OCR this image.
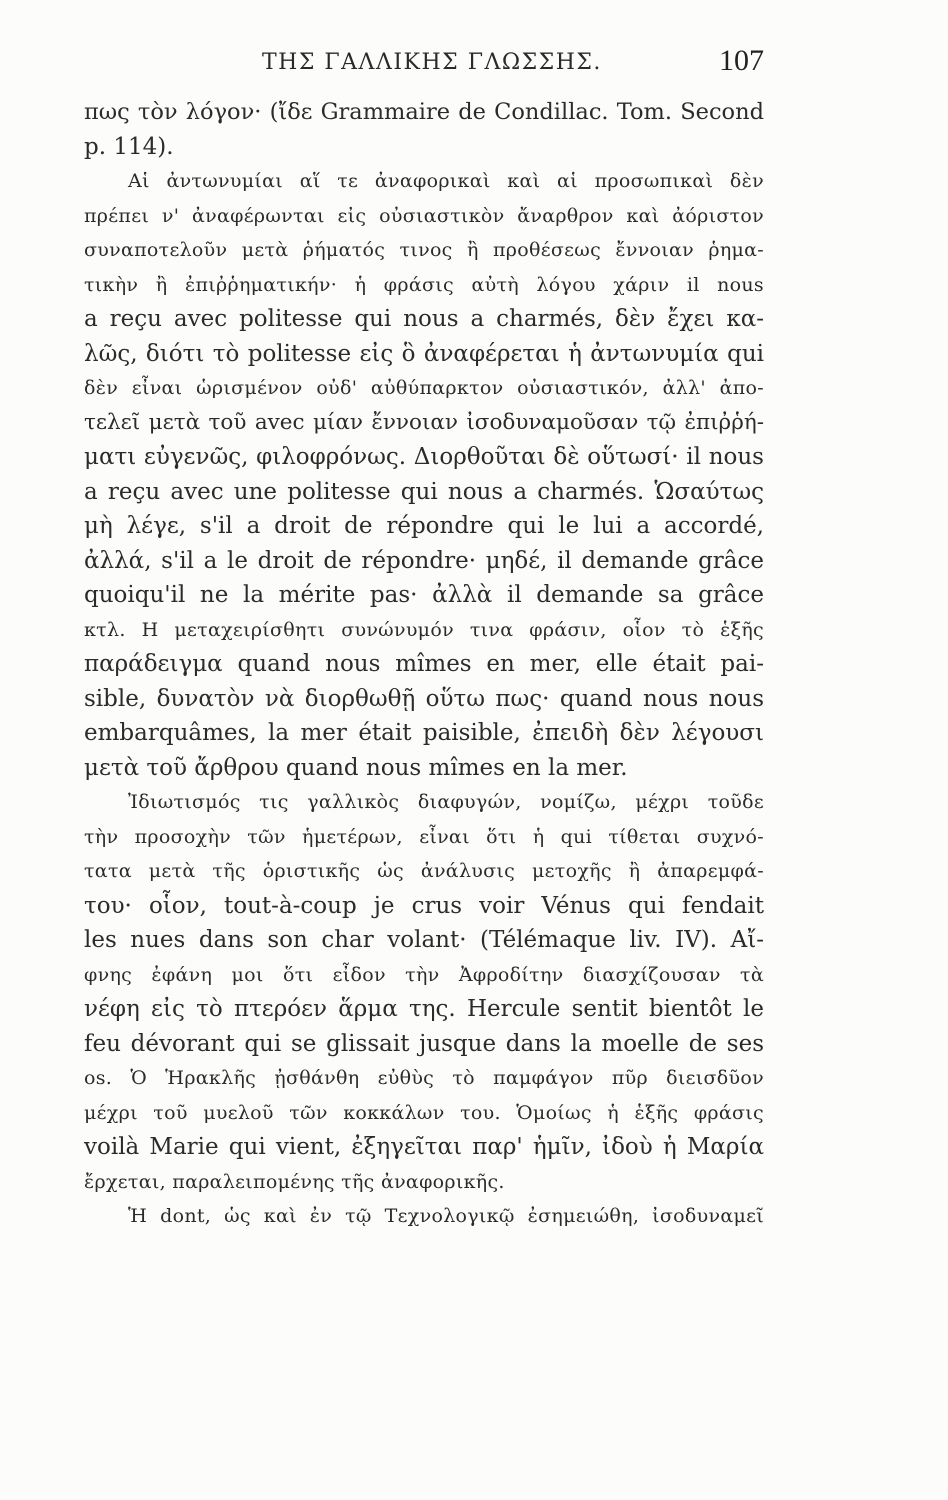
ΤΗΣ ΓΑΛΛΙΚΗΣ ΓΛΩΣΣΗΣ.	107
πως τὸν λόγον· (ἴδε Grammaire de Condillac. Tom. Second
p. 114).
Αἱ ἀντωνυμίαι αἵ τε ἀναφορικαὶ καὶ αἱ προσωπικαὶ δὲν
πρέπει ν' ἀναφέρωνται εἰς οὐσιαστικὸν ἄναρθρον καὶ ἀόριστον
συναποτελοῦν μετὰ ῥήματός τινος ἢ προθέσεως ἔννοιαν ῥημα-
τικὴν ἢ ἐπιῤῥηματικήν· ἡ φράσις αὐτὴ λόγου χάριν il nous
a reçu avec politesse qui nous a charmés, δὲν ἔχει κα-
λῶς, διότι τὸ politesse εἰς ὃ ἀναφέρεται ἡ ἀντωνυμία qui
δὲν εἶναι ὡρισμένον οὐδ' αὐθύπαρκτον οὐσιαστικόν, ἀλλ' ἀπο-
τελεῖ μετὰ τοῦ avec μίαν ἔννοιαν ἰσοδυναμοῦσαν τῷ ἐπιῤῥή-
ματι εὐγενῶς, φιλοφρόνως. Διορθοῦται δὲ οὕτωσί· il nous
a reçu avec une politesse qui nous a charmés. Ὡσαύτως
μὴ λέγε, s'il a droit de répondre qui le lui a accordé,
ἀλλά, s'il a le droit de répondre· μηδέ, il demande grâce
quoiqu'il ne la mérite pas· ἀλλὰ il demande sa grâce
κτλ. Η μεταχειρίσθητι συνώνυμόν τινα φράσιν, οἷον τὸ ἑξῆς
παράδειγμα quand nous mîmes en mer, elle était pai-
sible, δυνατὸν νὰ διορθωθῇ οὕτω πως· quand nous nous
embarquâmes, la mer était paisible, ἐπειδὴ δὲν λέγουσι
μετὰ τοῦ ἄρθρου quand nous mîmes en la mer.
Ἰδιωτισμός τις γαλλικὸς διαφυγών, νομίζω, μέχρι τοῦδε
τὴν προσοχὴν τῶν ἡμετέρων, εἶναι ὅτι ἡ qui τίθεται συχνό-
τατα μετὰ τῆς ὁριστικῆς ὡς ἀνάλυσις μετοχῆς ἢ ἀπαρεμφά-
του· οἷον, tout-à-coup je crus voir Vénus qui fendait
les nues dans son char volant· (Télémaque liv. IV). Αἴ-
φνης ἐφάνη μοι ὅτι εἶδον τὴν Ἀφροδίτην διασχίζουσαν τὰ
νέφη εἰς τὸ πτερόεν ἅρμα της. Hercule sentit bientôt le
feu dévorant qui se glissait jusque dans la moelle de ses
os. Ὁ Ἡρακλῆς ᾐσθάνθη εὐθὺς τὸ παμφάγον πῦρ διεισδῦον
μέχρι τοῦ μυελοῦ τῶν κοκκάλων του. Ὁμοίως ἡ ἑξῆς φράσις
voilà Marie qui vient, ἐξηγεῖται παρ' ἡμῖν, ἰδοὺ ἡ Μαρία
ἔρχεται, παραλειπομένης τῆς ἀναφορικῆς.
Ἡ dont, ὡς καὶ ἐν τῷ Τεχνολογικῷ ἐσημειώθη, ἰσοδυναμεῖ
